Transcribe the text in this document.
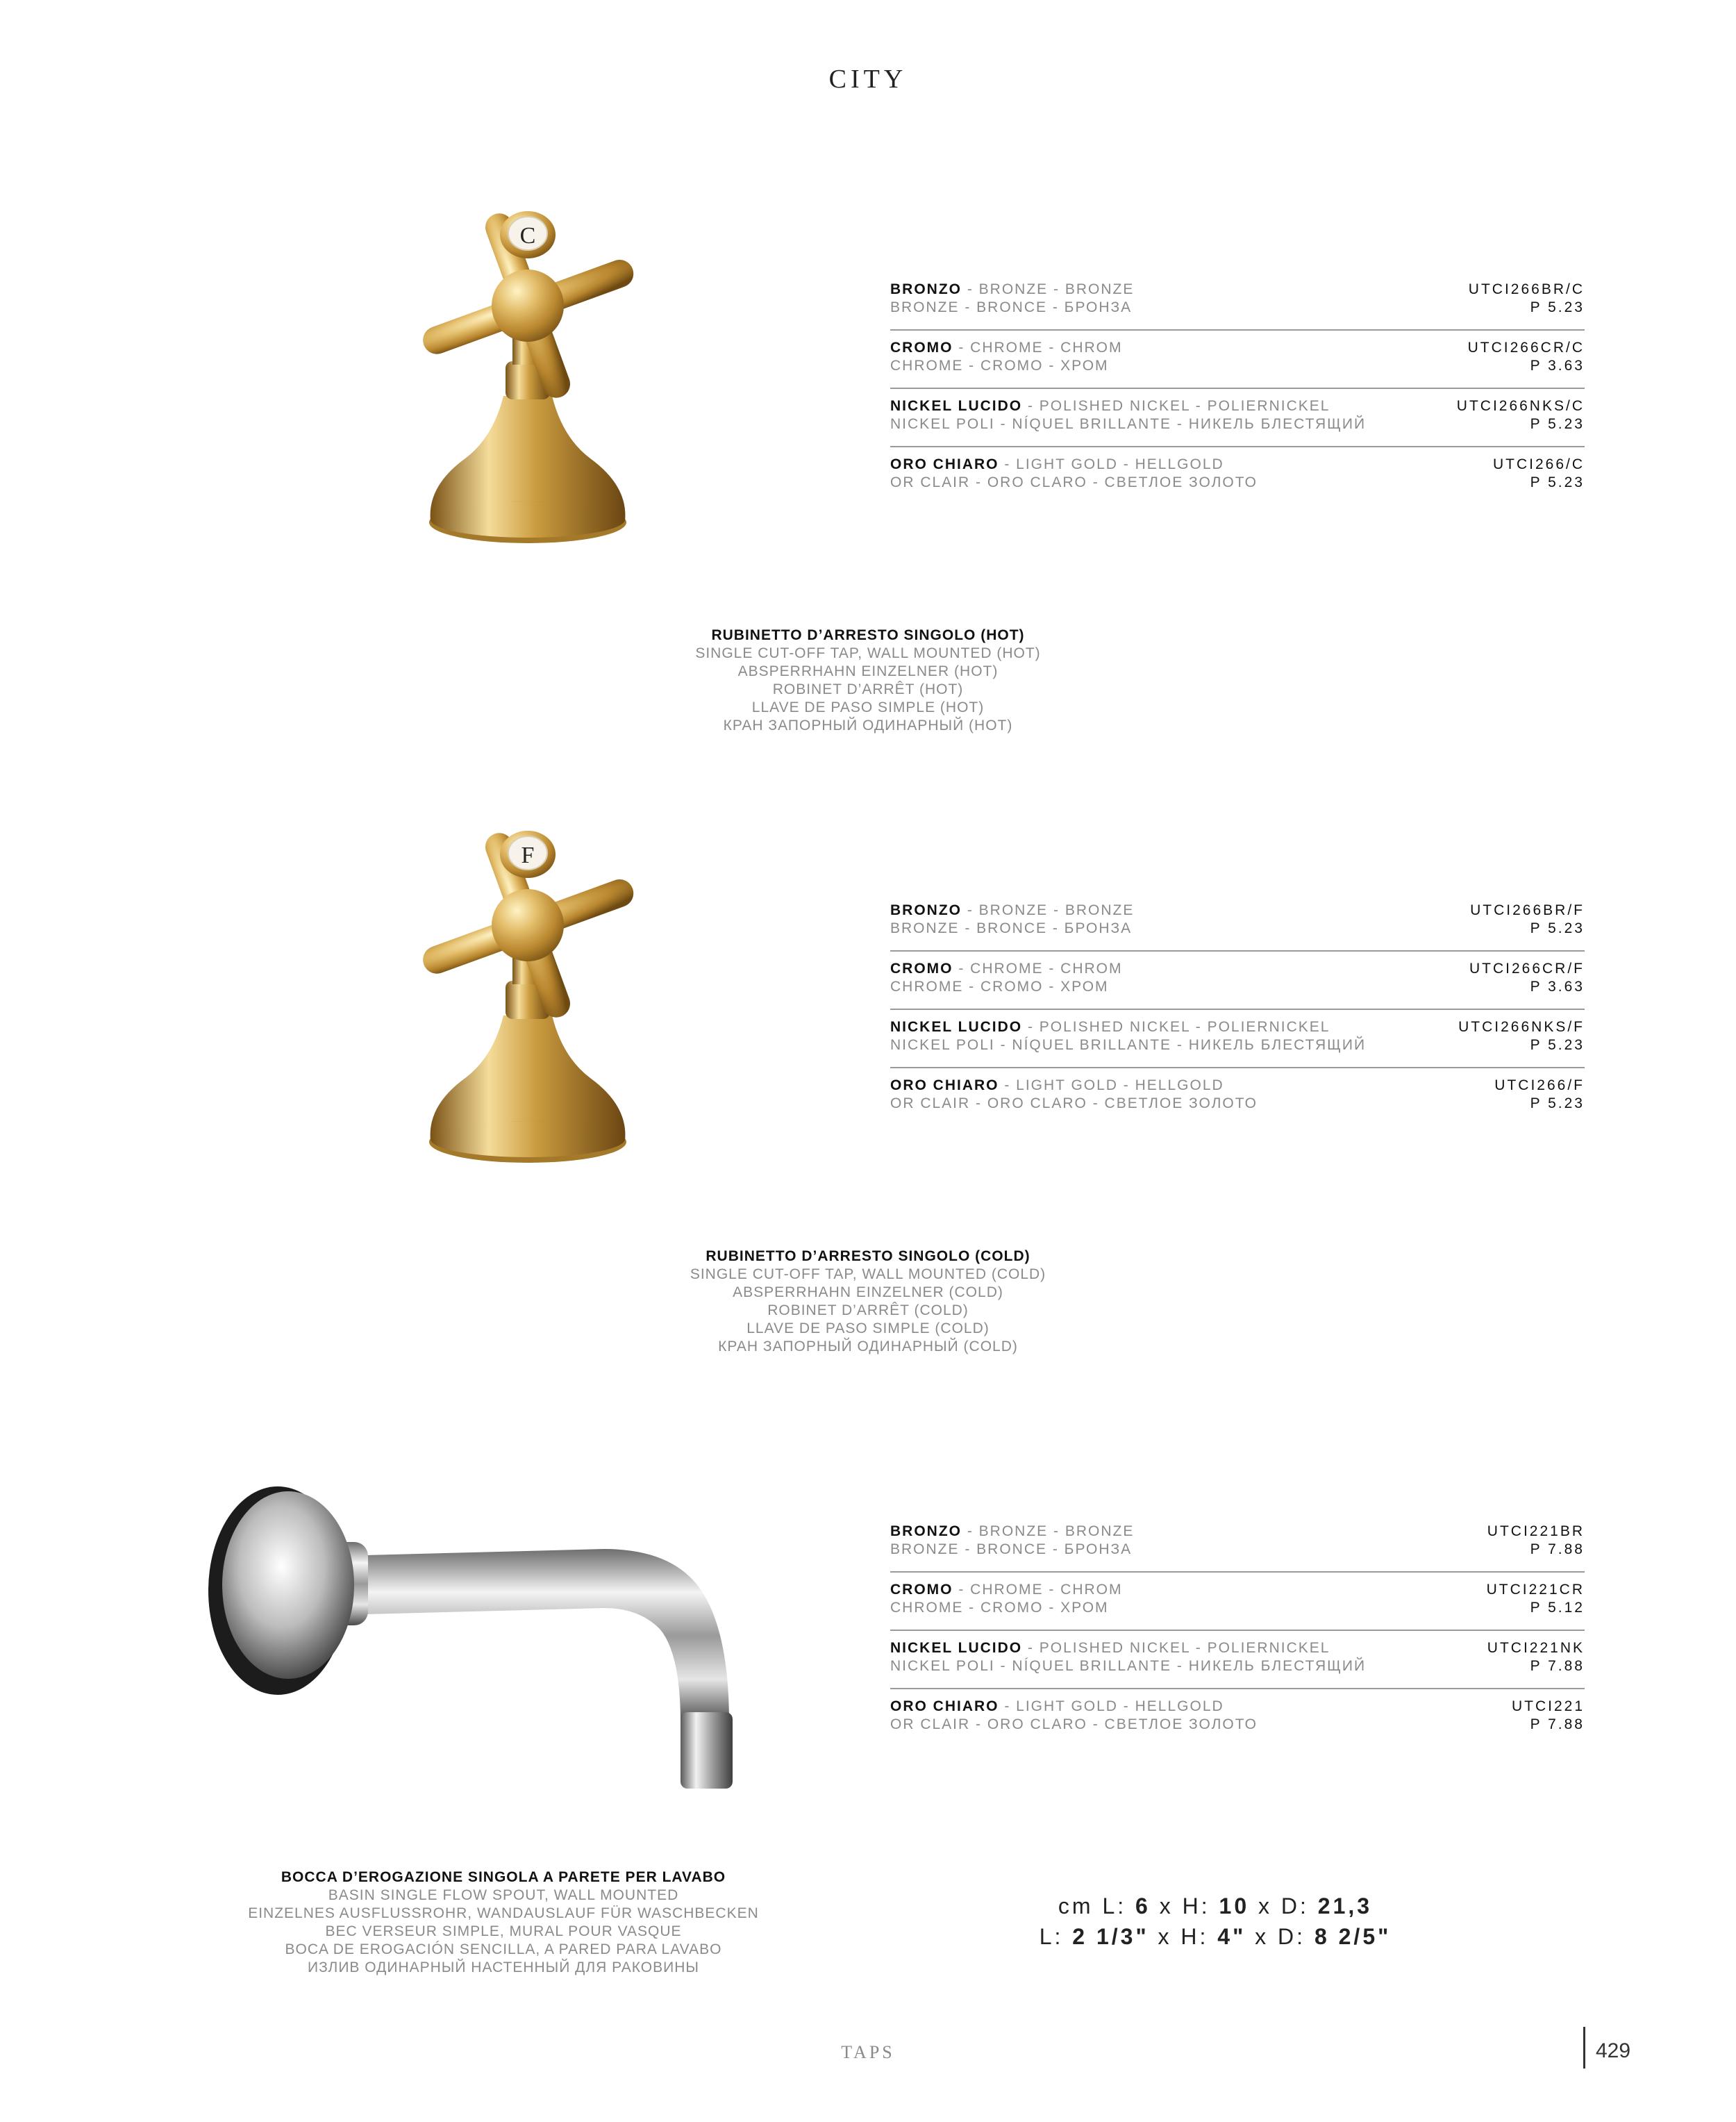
CITY
C
BRONZO - BRONZE - BRONZE
BRONZE - BRONCE - БРОНЗА
UTCI266BR/C
P 5.23
CROMO - CHROME - CHROM
CHROME - CROMO - ХРОМ
UTCI266CR/C
P 3.63
NICKEL LUCIDO - POLISHED NICKEL - POLIERNICKEL
NICKEL POLI - NÍQUEL BRILLANTE - НИКЕЛЬ БЛЕСТЯЩИЙ
UTCI266NKS/C
P 5.23
ORO CHIARO - LIGHT GOLD - HELLGOLD
OR CLAIR - ORO CLARO - СВЕТЛОЕ ЗОЛОТО
UTCI266/C
P 5.23
RUBINETTO D’ARRESTO SINGOLO (HOT)
SINGLE CUT-OFF TAP, WALL MOUNTED (HOT)
ABSPERRHAHN EINZELNER (HOT)
ROBINET D’ARRÊT (HOT)
LLAVE DE PASO SIMPLE (HOT)
КРАН ЗАПОРНЫЙ ОДИНАРНЫЙ (HOT)
F
BRONZO - BRONZE - BRONZE
BRONZE - BRONCE - БРОНЗА
UTCI266BR/F
P 5.23
CROMO - CHROME - CHROM
CHROME - CROMO - ХРОМ
UTCI266CR/F
P 3.63
NICKEL LUCIDO - POLISHED NICKEL - POLIERNICKEL
NICKEL POLI - NÍQUEL BRILLANTE - НИКЕЛЬ БЛЕСТЯЩИЙ
UTCI266NKS/F
P 5.23
ORO CHIARO - LIGHT GOLD - HELLGOLD
OR CLAIR - ORO CLARO - СВЕТЛОЕ ЗОЛОТО
UTCI266/F
P 5.23
RUBINETTO D’ARRESTO SINGOLO (COLD)
SINGLE CUT-OFF TAP, WALL MOUNTED (COLD)
ABSPERRHAHN EINZELNER (COLD)
ROBINET D’ARRÊT (COLD)
LLAVE DE PASO SIMPLE (COLD)
КРАН ЗАПОРНЫЙ ОДИНАРНЫЙ (COLD)
BRONZO - BRONZE - BRONZE
BRONZE - BRONCE - БРОНЗА
UTCI221BR
P 7.88
CROMO - CHROME - CHROM
CHROME - CROMO - ХРОМ
UTCI221CR
P 5.12
NICKEL LUCIDO - POLISHED NICKEL - POLIERNICKEL
NICKEL POLI - NÍQUEL BRILLANTE - НИКЕЛЬ БЛЕСТЯЩИЙ
UTCI221NK
P 7.88
ORO CHIARO - LIGHT GOLD - HELLGOLD
OR CLAIR - ORO CLARO - СВЕТЛОЕ ЗОЛОТО
UTCI221
P 7.88
BOCCA D’EROGAZIONE SINGOLA A PARETE PER LAVABO
BASIN SINGLE FLOW SPOUT, WALL MOUNTED
EINZELNES AUSFLUSSROHR, WANDAUSLAUF FÜR WASCHBECKEN
BEC VERSEUR SIMPLE, MURAL POUR VASQUE
BOCA DE EROGACIÓN SENCILLA, A PARED PARA LAVABO
ИЗЛИВ ОДИНАРНЫЙ НАСТЕННЫЙ ДЛЯ РАКОВИНЫ
cm L: 6 x H: 10 x D: 21,3
L: 2 1/3" x H: 4" x D: 8 2/5"
TAPS	429
